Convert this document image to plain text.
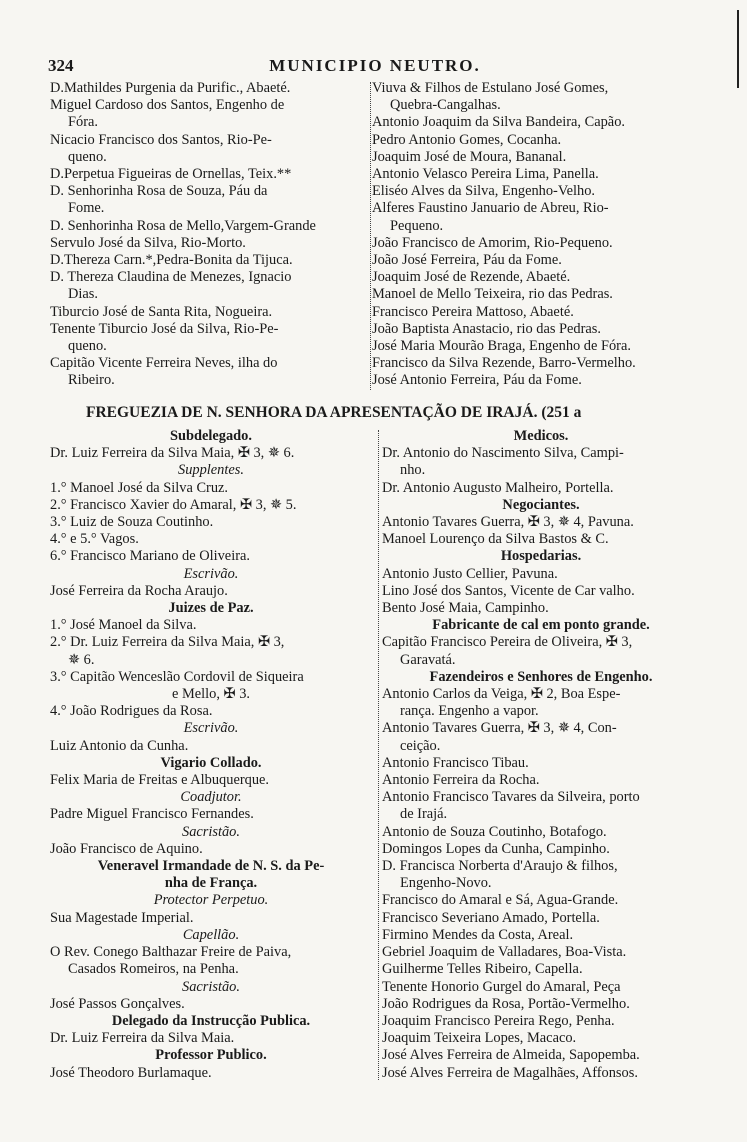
324	MUNICIPIO NEUTRO.
D.Mathildes Purgenia da Purific., Abaeté.
Miguel Cardoso dos Santos, Engenho de
Fóra.
Nicacio Francisco dos Santos, Rio-Pe-
queno.
D.Perpetua Figueiras de Ornellas, Teix.**
D. Senhorinha Rosa de Souza, Páu da
Fome.
D. Senhorinha Rosa de Mello,Vargem-Grande
Servulo José da Silva, Rio-Morto.
D.Thereza Carn.*,Pedra-Bonita da Tijuca.
D. Thereza Claudina de Menezes, Ignacio
Dias.
Tiburcio José de Santa Rita, Nogueira.
Tenente Tiburcio José da Silva, Rio-Pe-
queno.
Capitão Vicente Ferreira Neves, ilha do
Ribeiro.
Viuva & Filhos de Estulano José Gomes,
Quebra-Cangalhas.
Antonio Joaquim da Silva Bandeira, Capão.
Pedro Antonio Gomes, Cocanha.
Joaquim José de Moura, Bananal.
Antonio Velasco Pereira Lima, Panella.
Eliséo Alves da Silva, Engenho-Velho.
Alferes Faustino Januario de Abreu, Rio-
Pequeno.
João Francisco de Amorim, Rio-Pequeno.
João José Ferreira, Páu da Fome.
Joaquim José de Rezende, Abaeté.
Manoel de Mello Teixeira, rio das Pedras.
Francisco Pereira Mattoso, Abaeté.
João Baptista Anastacio, rio das Pedras.
José Maria Mourão Braga, Engenho de Fóra.
Francisco da Silva Rezende, Barro-Vermelho.
José Antonio Ferreira, Páu da Fome.
FREGUEZIA DE N. SENHORA DA APRESENTAÇÃO DE IRAJÁ. (251 a
Subdelegado.
Dr. Luiz Ferreira da Silva Maia, ✠ 3, ✵ 6.
Supplentes.
1.° Manoel José da Silva Cruz.
2.° Francisco Xavier do Amaral, ✠ 3, ✵ 5.
3.° Luiz de Souza Coutinho.
4.° e 5.° Vagos.
6.° Francisco Mariano de Oliveira.
Escrivão.
José Ferreira da Rocha Araujo.
Juizes de Paz.
1.° José Manoel da Silva.
2.° Dr. Luiz Ferreira da Silva Maia, ✠ 3,
✵ 6.
3.° Capitão Wenceslão Cordovil de Siqueira
e Mello, ✠ 3.
4.° João Rodrigues da Rosa.
Escrivão.
Luiz Antonio da Cunha.
Vigario Collado.
Felix Maria de Freitas e Albuquerque.
Coadjutor.
Padre Miguel Francisco Fernandes.
Sacristão.
João Francisco de Aquino.
Veneravel Irmandade de N. S. da Pe-
nha de França.
Protector Perpetuo.
Sua Magestade Imperial.
Capellão.
O Rev. Conego Balthazar Freire de Paiva,
Casados Romeiros, na Penha.
Sacristão.
José Passos Gonçalves.
Delegado da Instrucção Publica.
Dr. Luiz Ferreira da Silva Maia.
Professor Publico.
José Theodoro Burlamaque.
Medicos.
Dr. Antonio do Nascimento Silva, Campi-
nho.
Dr. Antonio Augusto Malheiro, Portella.
Negociantes.
Antonio Tavares Guerra, ✠ 3, ✵ 4, Pavuna.
Manoel Lourenço da Silva Bastos & C.
Hospedarias.
Antonio Justo Cellier, Pavuna.
Lino José dos Santos, Vicente de Car valho.
Bento José Maia, Campinho.
Fabricante de cal em ponto grande.
Capitão Francisco Pereira de Oliveira, ✠ 3,
Garavatá.
Fazendeiros e Senhores de Engenho.
Antonio Carlos da Veiga, ✠ 2, Boa Espe-
rança. Engenho a vapor.
Antonio Tavares Guerra, ✠ 3, ✵ 4, Con-
ceição.
Antonio Francisco Tibau.
Antonio Ferreira da Rocha.
Antonio Francisco Tavares da Silveira, porto
de Irajá.
Antonio de Souza Coutinho, Botafogo.
Domingos Lopes da Cunha, Campinho.
D. Francisca Norberta d'Araujo & filhos,
Engenho-Novo.
Francisco do Amaral e Sá, Agua-Grande.
Francisco Severiano Amado, Portella.
Firmino Mendes da Costa, Areal.
Gebriel Joaquim de Valladares, Boa-Vista.
Guilherme Telles Ribeiro, Capella.
Tenente Honorio Gurgel do Amaral, Peça
João Rodrigues da Rosa, Portão-Vermelho.
Joaquim Francisco Pereira Rego, Penha.
Joaquim Teixeira Lopes, Macaco.
José Alves Ferreira de Almeida, Sapopemba.
José Alves Ferreira de Magalhães, Affonsos.
